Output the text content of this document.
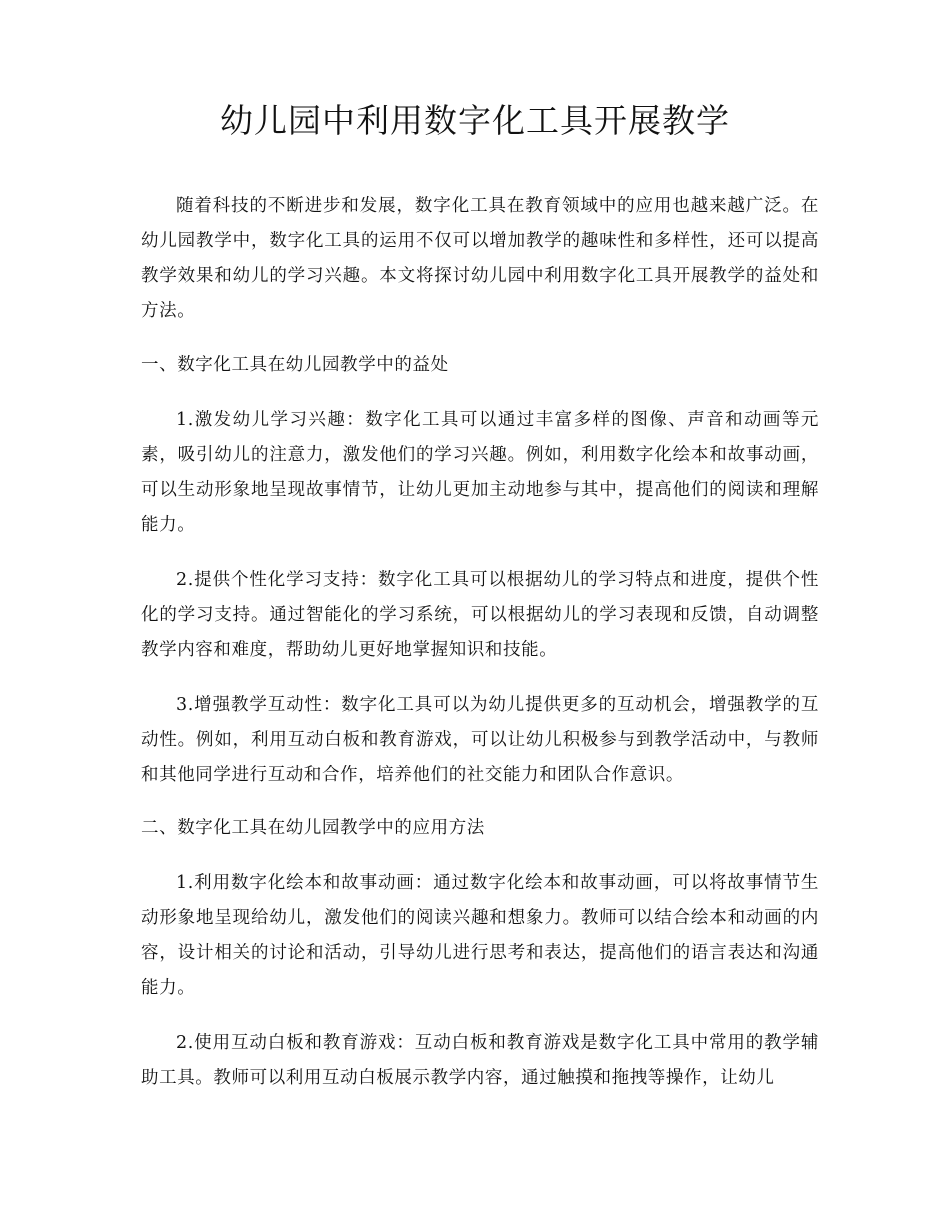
幼儿园中利用数字化工具开展教学

随着科技的不断进步和发展，数字化工具在教育领域中的应用也越来越广泛。在幼儿园教学中，数字化工具的运用不仅可以增加教学的趣味性和多样性，还可以提高教学效果和幼儿的学习兴趣。本文将探讨幼儿园中利用数字化工具开展教学的益处和方法。

一、数字化工具在幼儿园教学中的益处

1.激发幼儿学习兴趣：数字化工具可以通过丰富多样的图像、声音和动画等元素，吸引幼儿的注意力，激发他们的学习兴趣。例如，利用数字化绘本和故事动画，可以生动形象地呈现故事情节，让幼儿更加主动地参与其中，提高他们的阅读和理解能力。

2.提供个性化学习支持：数字化工具可以根据幼儿的学习特点和进度，提供个性化的学习支持。通过智能化的学习系统，可以根据幼儿的学习表现和反馈，自动调整教学内容和难度，帮助幼儿更好地掌握知识和技能。

3.增强教学互动性：数字化工具可以为幼儿提供更多的互动机会，增强教学的互动性。例如，利用互动白板和教育游戏，可以让幼儿积极参与到教学活动中，与教师和其他同学进行互动和合作，培养他们的社交能力和团队合作意识。

二、数字化工具在幼儿园教学中的应用方法

1.利用数字化绘本和故事动画：通过数字化绘本和故事动画，可以将故事情节生动形象地呈现给幼儿，激发他们的阅读兴趣和想象力。教师可以结合绘本和动画的内容，设计相关的讨论和活动，引导幼儿进行思考和表达，提高他们的语言表达和沟通能力。

2.使用互动白板和教育游戏：互动白板和教育游戏是数字化工具中常用的教学辅助工具。教师可以利用互动白板展示教学内容，通过触摸和拖拽等操作，让幼儿
